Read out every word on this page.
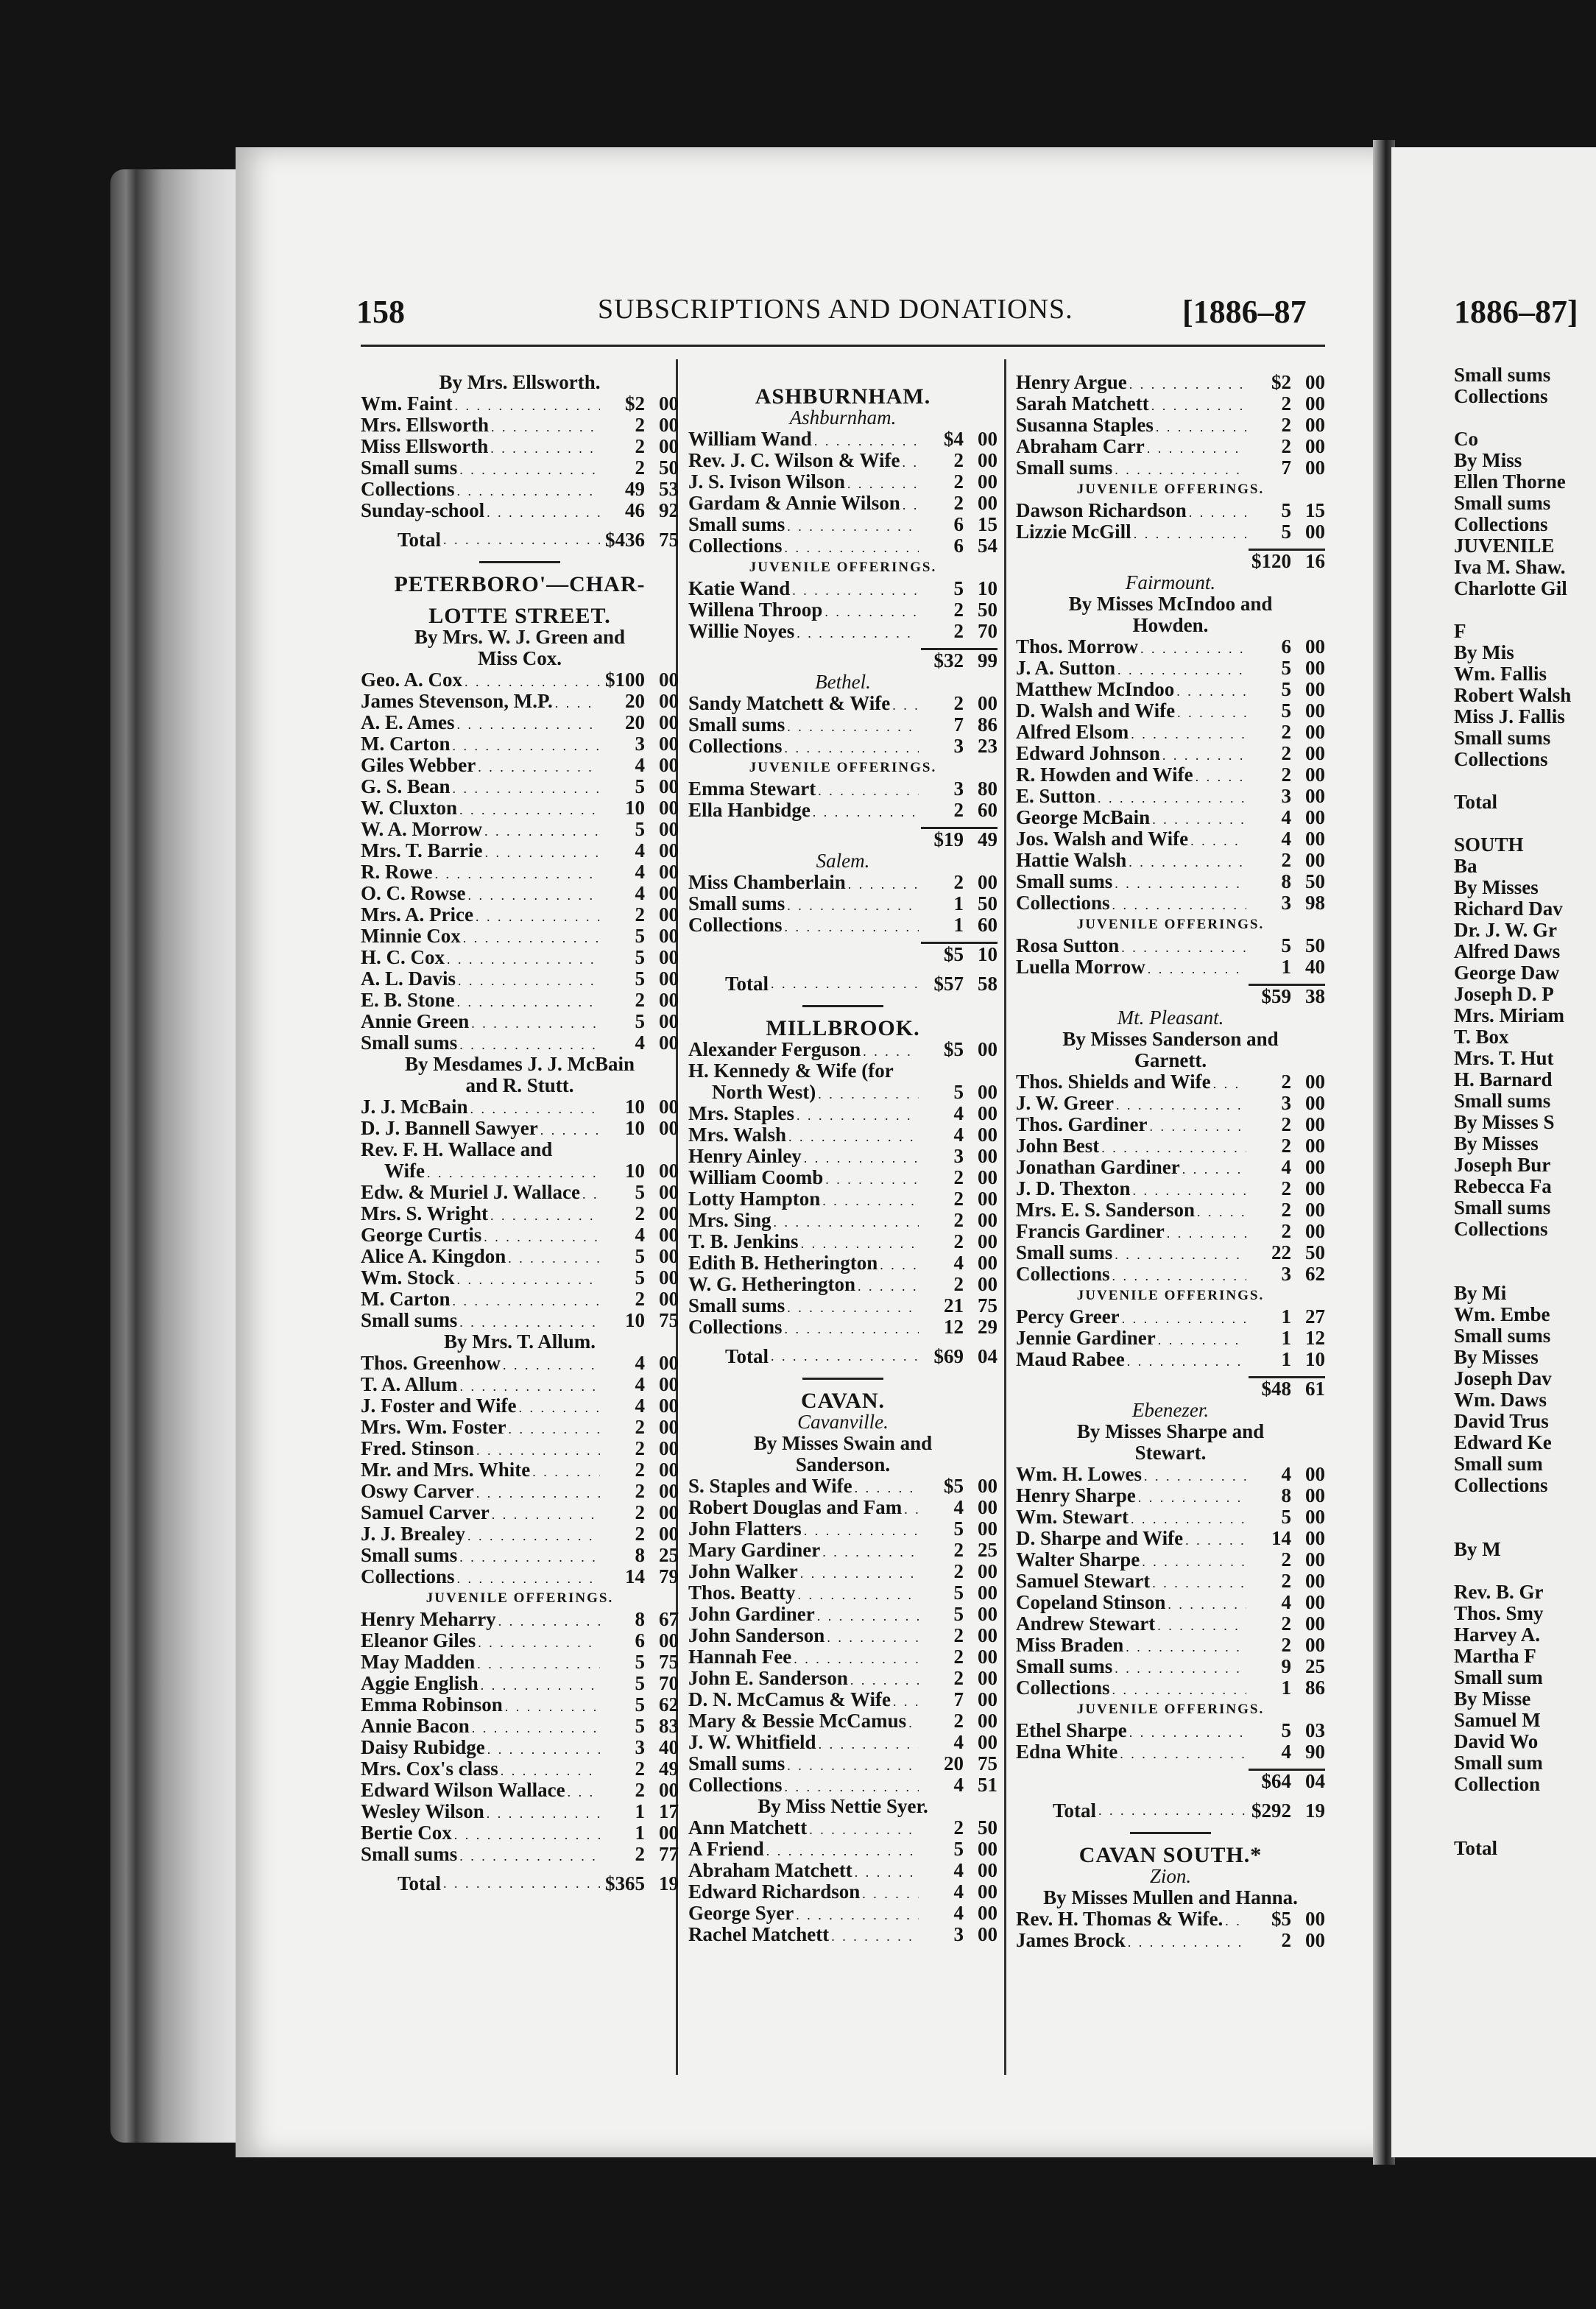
158	SUBSCRIPTIONS AND DONATIONS.	[1886–87	1886–87]
By Mrs. Ellsworth.
Wm. Faint . . .	$2 00
Mrs. Ellsworth . . .	2 00
Miss Ellsworth . . .	2 00
Small sums . . .	2 50
Collections . . .	49 53
Sunday-school . . .	46 92
Total . . .	$436 75
PETERBORO'—CHAR-
LOTTE STREET.
By Mrs. W. J. Green and
Miss Cox.
Geo. A. Cox . . .	$100 00
James Stevenson, M.P. . . .	20 00
A. E. Ames . . .	20 00
M. Carton . . .	3 00
Giles Webber . . .	4 00
G. S. Bean . . .	5 00
W. Cluxton . . .	10 00
W. A. Morrow . . .	5 00
Mrs. T. Barrie . . .	4 00
R. Rowe . . .	4 00
O. C. Rowse . . .	4 00
Mrs. A. Price . . .	2 00
Minnie Cox . . .	5 00
H. C. Cox . . .	5 00
A. L. Davis . . .	5 00
E. B. Stone . . .	2 00
Annie Green . . .	5 00
Small sums . . .	4 00
By Mesdames J. J. McBain
and R. Stutt.
J. J. McBain . . .	10 00
D. J. Bannell Sawyer . . .	10 00
Rev. F. H. Wallace and
Wife . . .	10 00
Edw. & Muriel J. Wallace . . .	5 00
Mrs. S. Wright . . .	2 00
George Curtis . . .	4 00
Alice A. Kingdon . . .	5 00
Wm. Stock . . .	5 00
M. Carton . . .	2 00
Small sums . . .	10 75
By Mrs. T. Allum.
Thos. Greenhow . . .	4 00
T. A. Allum . . .	4 00
J. Foster and Wife . . .	4 00
Mrs. Wm. Foster . . .	2 00
Fred. Stinson . . .	2 00
Mr. and Mrs. White . . .	2 00
Oswy Carver . . .	2 00
Samuel Carver . . .	2 00
J. J. Brealey . . .	2 00
Small sums . . .	8 25
Collections . . .	14 79
JUVENILE OFFERINGS.
Henry Meharry . . .	8 67
Eleanor Giles . . .	6 00
May Madden . . .	5 75
Aggie English . . .	5 70
Emma Robinson . . .	5 62
Annie Bacon . . .	5 83
Daisy Rubidge . . .	3 40
Mrs. Cox's class . . .	2 49
Edward Wilson Wallace . . .	2 00
Wesley Wilson . . .	1 17
Bertie Cox . . .	1 00
Small sums . . .	2 77
Total . . .	$365 19
ASHBURNHAM.
Ashburnham.
William Wand . . .	$4 00
Rev. J. C. Wilson & Wife . . .	2 00
J. S. Ivison Wilson . . .	2 00
Gardam & Annie Wilson . . .	2 00
Small sums . . .	6 15
Collections . . .	6 54
JUVENILE OFFERINGS.
Katie Wand . . .	5 10
Willena Throop . . .	2 50
Willie Noyes . . .	2 70
$32 99
Bethel.
Sandy Matchett & Wife . . .	2 00
Small sums . . .	7 86
Collections . . .	3 23
JUVENILE OFFERINGS.
Emma Stewart . . .	3 80
Ella Hanbidge . . .	2 60
$19 49
Salem.
Miss Chamberlain . . .	2 00
Small sums . . .	1 50
Collections . . .	1 60
$5 10
Total . . .	$57 58
MILLBROOK.
Alexander Ferguson . . .	$5 00
H. Kennedy & Wife (for
North West) . . .	5 00
Mrs. Staples . . .	4 00
Mrs. Walsh . . .	4 00
Henry Ainley . . .	3 00
William Coomb . . .	2 00
Lotty Hampton . . .	2 00
Mrs. Sing . . .	2 00
T. B. Jenkins . . .	2 00
Edith B. Hetherington . . .	4 00
W. G. Hetherington . . .	2 00
Small sums . . .	21 75
Collections . . .	12 29
Total . . .	$69 04
CAVAN.
Cavanville.
By Misses Swain and
Sanderson.
S. Staples and Wife . . .	$5 00
Robert Douglas and Fam . . .	4 00
John Flatters . . .	5 00
Mary Gardiner . . .	2 25
John Walker . . .	2 00
Thos. Beatty . . .	5 00
John Gardiner . . .	5 00
John Sanderson . . .	2 00
Hannah Fee . . .	2 00
John E. Sanderson . . .	2 00
D. N. McCamus & Wife . . .	7 00
Mary & Bessie McCamus . . .	2 00
J. W. Whitfield . . .	4 00
Small sums . . .	20 75
Collections . . .	4 51
By Miss Nettie Syer.
Ann Matchett . . .	2 50
A Friend . . .	5 00
Abraham Matchett . . .	4 00
Edward Richardson . . .	4 00
George Syer . . .	4 00
Rachel Matchett . . .	3 00
Henry Argue . . .	$2 00
Sarah Matchett . . .	2 00
Susanna Staples . . .	2 00
Abraham Carr . . .	2 00
Small sums . . .	7 00
JUVENILE OFFERINGS.
Dawson Richardson . . .	5 15
Lizzie McGill . . .	5 00
$120 16
Fairmount.
By Misses McIndoo and
Howden.
Thos. Morrow . . .	6 00
J. A. Sutton . . .	5 00
Matthew McIndoo . . .	5 00
D. Walsh and Wife . . .	5 00
Alfred Elsom . . .	2 00
Edward Johnson . . .	2 00
R. Howden and Wife . . .	2 00
E. Sutton . . .	3 00
George McBain . . .	4 00
Jos. Walsh and Wife . . .	4 00
Hattie Walsh . . .	2 00
Small sums . . .	8 50
Collections . . .	3 98
JUVENILE OFFERINGS.
Rosa Sutton . . .	5 50
Luella Morrow . . .	1 40
$59 38
Mt. Pleasant.
By Misses Sanderson and
Garnett.
Thos. Shields and Wife . . .	2 00
J. W. Greer . . .	3 00
Thos. Gardiner . . .	2 00
John Best . . .	2 00
Jonathan Gardiner . . .	4 00
J. D. Thexton . . .	2 00
Mrs. E. S. Sanderson . . .	2 00
Francis Gardiner . . .	2 00
Small sums . . .	22 50
Collections . . .	3 62
JUVENILE OFFERINGS.
Percy Greer . . .	1 27
Jennie Gardiner . . .	1 12
Maud Rabee . . .	1 10
$48 61
Ebenezer.
By Misses Sharpe and
Stewart.
Wm. H. Lowes . . .	4 00
Henry Sharpe . . .	8 00
Wm. Stewart . . .	5 00
D. Sharpe and Wife . . .	14 00
Walter Sharpe . . .	2 00
Samuel Stewart . . .	2 00
Copeland Stinson . . .	4 00
Andrew Stewart . . .	2 00
Miss Braden . . .	2 00
Small sums . . .	9 25
Collections . . .	1 86
JUVENILE OFFERINGS.
Ethel Sharpe . . .	5 03
Edna White . . .	4 90
$64 04
Total . . .	$292 19
CAVAN SOUTH.*
Zion.
By Misses Mullen and Hanna.
Rev. H. Thomas & Wife. . . .	$5 00
James Brock . . .	2 00
Small sums
Collections
Co
By Miss
Ellen Thorne
Small sums
Collections
JUVENILE
Iva M. Shaw.
Charlotte Gil
F
By Mis
Wm. Fallis
Robert Walsh
Miss J. Fallis
Small sums
Collections
Total
SOUTH
Ba
By Misses
Richard Dav
Dr. J. W. Gr
Alfred Daws
George Daw
Joseph D. P
Mrs. Miriam
T. Box
Mrs. T. Hut
H. Barnard
Small sums
By Misses S
By Misses
Joseph Bur
Rebecca Fa
Small sums
Collections
By Mi
Wm. Embe
Small sums
By Misses
Joseph Dav
Wm. Daws
David Trus
Edward Ke
Small sum
Collections
By M
Rev. B. Gr
Thos. Smy
Harvey A.
Martha F
Small sum
By Misse
Samuel M
David Wo
Small sum
Collection
Total
